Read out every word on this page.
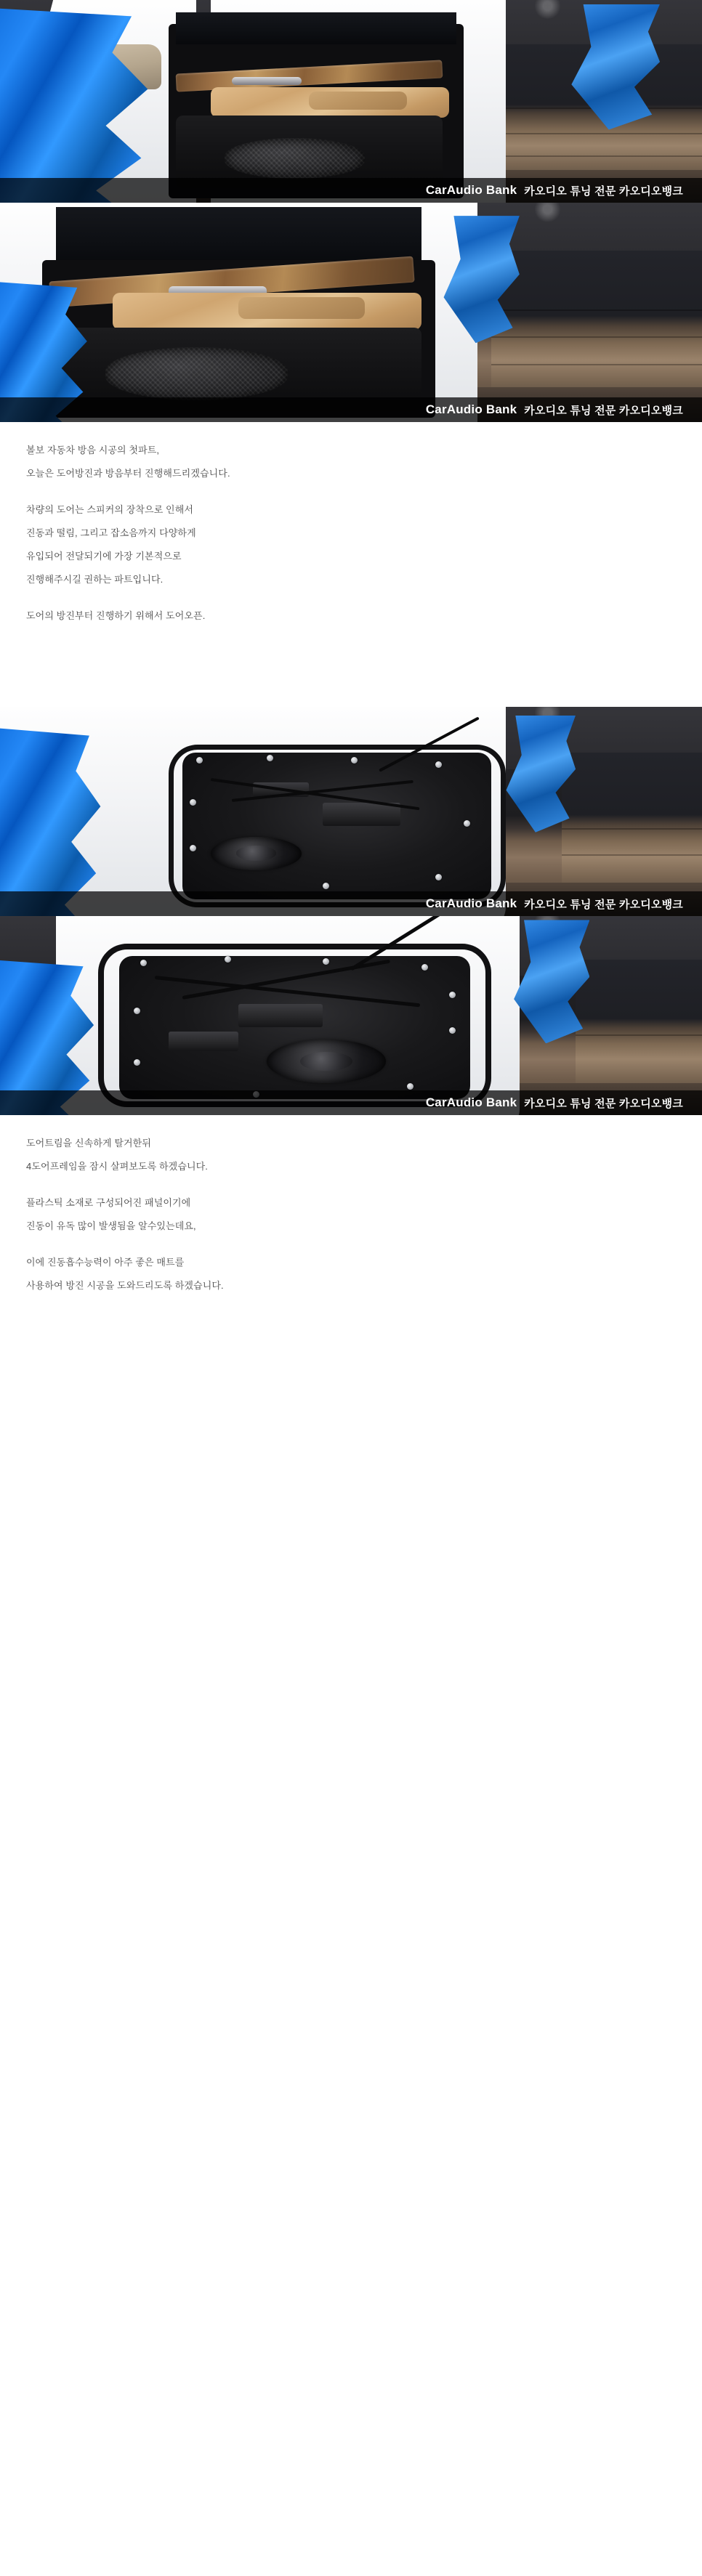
CarAudio Bank 카오디오 튜닝 전문 카오디오뱅크
CarAudio Bank 카오디오 튜닝 전문 카오디오뱅크

볼보 자동차 방음 시공의 첫파트,

오늘은 도어방진과 방음부터 진행해드리겠습니다.

차량의 도어는 스피커의 장착으로 인해서

진동과 떨림, 그리고 잡소음까지 다양하게

유입되어 전달되기에 가장 기본적으로

진행해주시길 권하는 파트입니다.

도어의 방진부터 진행하기 위해서 도어오픈.

CarAudio Bank 카오디오 튜닝 전문 카오디오뱅크
CarAudio Bank 카오디오 튜닝 전문 카오디오뱅크

도어트림을 신속하게 탈거한뒤

4도어프레임을 잠시 살펴보도록 하겠습니다.

플라스틱 소재로 구성되어진 패널이기에

진동이 유독 많이 발생됨을 알수있는데요,

이에 진동흡수능력이 아주 좋은 매트를

사용하여 방진 시공을 도와드리도록 하겠습니다.
